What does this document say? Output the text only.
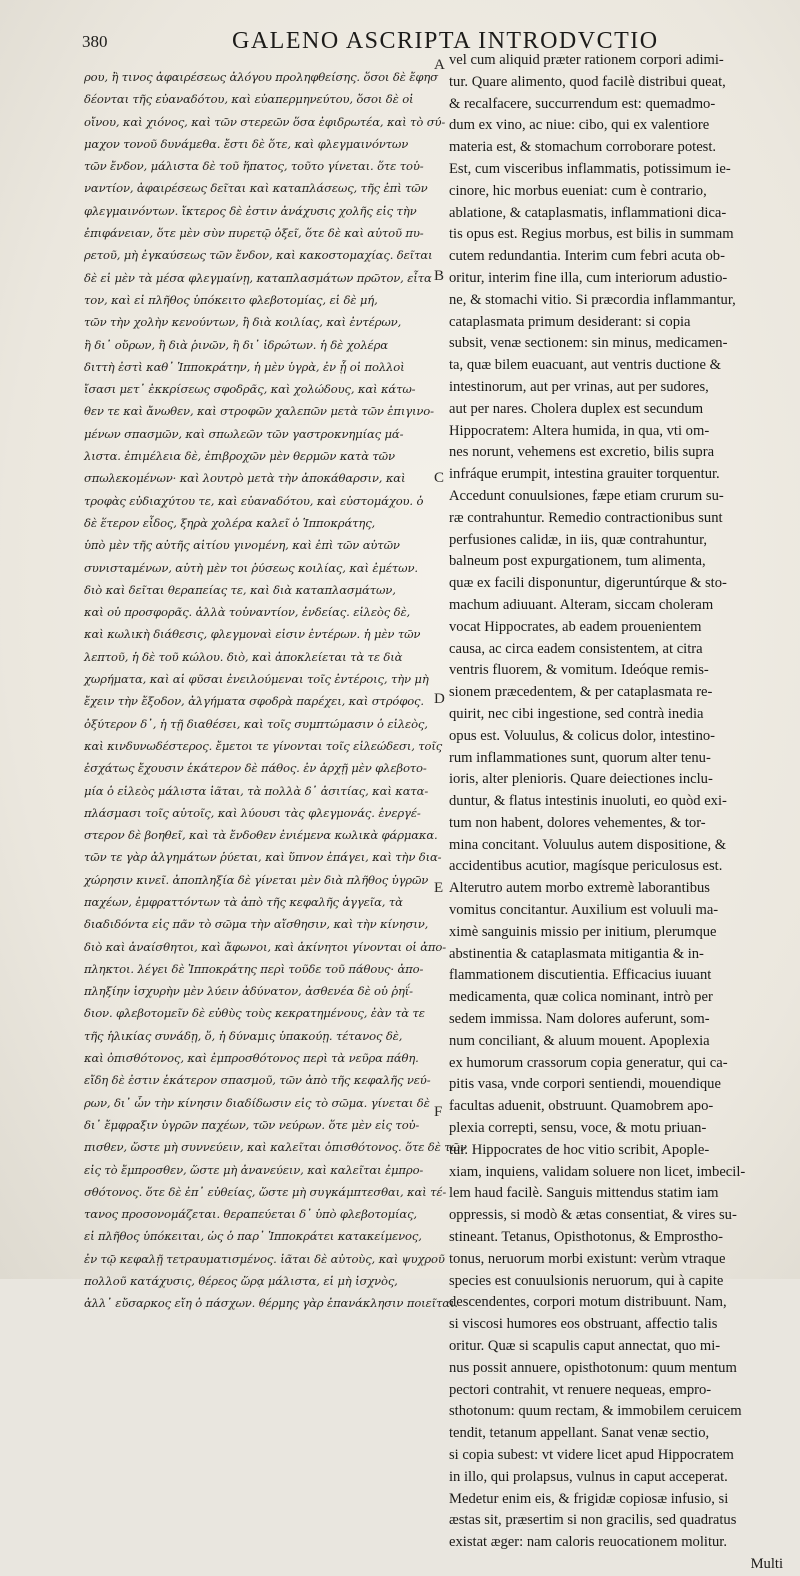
380	GALENO ASCRIPTA INTRODVCTIO
ρου, ἢ τινος ἀφαιρέσεως ἀλόγου προληφθείσης. ὅσοι δὲ ἔφησ
δέονται τῆς εὐαναδότου, καὶ εὐαπερμηνεύτου, ὅσοι δὲ οἱ
οἴνου, καὶ χιόνος, καὶ τῶν στερεῶν ὅσα ἐφιδρωτέα, καὶ τὸ σύ-
μαχον τονοῦ δυνάμεθα. ἔστι δὲ ὅτε, καὶ φλεγμαινόντων
τῶν ἔνδον, μάλιστα δὲ τοῦ ἥπατος, τοῦτο γίνεται. ὅτε τοὐ-
ναντίον, ἀφαιρέσεως δεῖται καὶ καταπλάσεως, τῆς ἐπὶ τῶν
φλεγμαινόντων. ἴκτερος δὲ ἐστιν ἀνάχυσις χολῆς εἰς τὴν
ἐπιφάνειαν, ὅτε μὲν σὺν πυρετῷ ὀξεῖ, ὅτε δὲ καὶ αὐτοῦ πυ-
ρετοῦ, μὴ ἐγκαύσεως τῶν ἔνδον, καὶ κακοστομαχίας. δεῖται
δὲ εἰ μὲν τὰ μέσα φλεγμαίνῃ, καταπλασμάτων πρῶτον, εἶτα
τον, καὶ εἰ πλῆθος ὑπόκειτο φλεβοτομίας, εἰ δὲ μή,
τῶν τὴν χολὴν κενούντων, ἢ διὰ κοιλίας, καὶ ἐντέρων,
ἢ δι᾽ οὔρων, ἢ διὰ ῥινῶν, ἢ δι᾽ ἱδρώτων. ἡ δὲ χολέρα
διττὴ ἐστὶ καθ᾽ Ἱπποκράτην, ἡ μὲν ὑγρὰ, ἐν ᾗ οἱ πολλοὶ
ἴσασι μετ᾽ ἐκκρίσεως σφοδρᾶς, καὶ χολώδους, καὶ κάτω-
θεν τε καὶ ἄνωθεν, καὶ στροφῶν χαλεπῶν μετὰ τῶν ἐπιγινο-
μένων σπασμῶν, καὶ σπωλεῶν τῶν γαστροκνημίας μά-
λιστα. ἐπιμέλεια δὲ, ἐπιβροχῶν μὲν θερμῶν κατὰ τῶν
σπωλεκομένων· καὶ λουτρὸ μετὰ τὴν ἀποκάθαρσιν, καὶ
τροφὰς εὐδιαχύτου τε, καὶ εὐαναδότου, καὶ εὐστομάχου. ὁ
δὲ ἕτερον εἶδος, ξηρὰ χολέρα καλεῖ ὁ Ἱπποκράτης,
ὑπὸ μὲν τῆς αὐτῆς αἰτίου γινομένη, καὶ ἐπὶ τῶν αὐτῶν
συνισταμένων, αὐτὴ μὲν τοι ῥύσεως κοιλίας, καὶ ἐμέτων.
διὸ καὶ δεῖται θεραπείας τε, καὶ διὰ καταπλασμάτων,
καὶ οὐ προσφορᾶς. ἀλλὰ τοὐναντίον, ἐνδείας. εἰλεὸς δὲ,
καὶ κωλικὴ διάθεσις, φλεγμοναὶ εἰσιν ἐντέρων. ἡ μὲν τῶν
λεπτοῦ, ἡ δὲ τοῦ κώλου. διὸ, καὶ ἀποκλείεται τὰ τε διὰ
χωρήματα, καὶ αἱ φῦσαι ἐνειλούμεναι τοῖς ἐντέροις, τὴν μὴ
ἔχειν τὴν ἔξοδον, ἀλγήματα σφοδρὰ παρέχει, καὶ στρόφος.
ὀξύτερον δ᾽, ἡ τῇ διαθέσει, καὶ τοῖς συμπτώμασιν ὁ εἰλεὸς,
καὶ κινδυνωδέστερος. ἔμετοι τε γίνονται τοῖς εἰλεώδεσι, τοῖς
ἐσχάτως ἔχουσιν ἑκάτερον δὲ πάθος. ἐν ἀρχῇ μὲν φλεβοτο-
μία ὁ εἰλεὸς μάλιστα ἰᾶται, τὰ πολλὰ δ᾽ ἀσιτίας, καὶ κατα-
πλάσμασι τοῖς αὐτοῖς, καὶ λύουσι τὰς φλεγμονάς. ἐνεργέ-
στερον δὲ βοηθεῖ, καὶ τὰ ἔνδοθεν ἐνιέμενα κωλικὰ φάρμακα.
τῶν τε γὰρ ἀλγημάτων ῥύεται, καὶ ὕπνον ἐπάγει, καὶ τὴν δια-
χώρησιν κινεῖ. ἀποπληξία δὲ γίνεται μὲν διὰ πλῆθος ὑγρῶν
παχέων, ἐμφραττόντων τὰ ἀπὸ τῆς κεφαλῆς ἀγγεῖα, τὰ
διαδιδόντα εἰς πᾶν τὸ σῶμα τὴν αἴσθησιν, καὶ τὴν κίνησιν,
διὸ καὶ ἀναίσθητοι, καὶ ἄφωνοι, καὶ ἀκίνητοι γίνονται οἱ ἀπο-
πληκτοι. λέγει δὲ Ἱπποκράτης περὶ τοῦδε τοῦ πάθους· ἀπο-
πληξίην ἰσχυρὴν μὲν λύειν ἀδύνατον, ἀσθενέα δὲ οὐ ῥηΐ-
διον. φλεβοτομεῖν δὲ εὐθὺς τοὺς κεκρατημένους, ἐὰν τὰ τε
τῆς ἡλικίας συνάδῃ, ὅ, ἡ δύναμις ὑπακούῃ. τέτανος δὲ,
καὶ ὀπισθότονος, καὶ ἐμπροσθότονος περὶ τὰ νεῦρα πάθη.
εἴδη δὲ ἐστιν ἑκάτερον σπασμοῦ, τῶν ἀπὸ τῆς κεφαλῆς νεύ-
ρων, δι᾽ ὧν τὴν κίνησιν διαδίδωσιν εἰς τὸ σῶμα. γίνεται δὲ
δι᾽ ἔμφραξιν ὑγρῶν παχέων, τῶν νεύρων. ὅτε μὲν εἰς τοὐ-
πισθεν, ὥστε μὴ συννεύειν, καὶ καλεῖται ὀπισθότονος. ὅτε δὲ τῶν
εἰς τὸ ἔμπροσθεν, ὥστε μὴ ἀνανεύειν, καὶ καλεῖται ἐμπρο-
σθότονος. ὅτε δὲ ἐπ᾽ εὐθείας, ὥστε μὴ συγκάμπτεσθαι, καὶ τέ-
τανος προσονομάζεται. θεραπεύεται δ᾽ ὑπὸ φλεβοτομίας,
εἰ πλῆθος ὑπόκειται, ὡς ὁ παρ᾽ Ἱπποκράτει κατακείμενος,
ἐν τῷ κεφαλῇ τετραυματισμένος. ἰᾶται δὲ αὐτοὺς, καὶ ψυχροῦ
πολλοῦ κατάχυσις, θέρεος ὥρᾳ μάλιστα, εἰ μὴ ἰσχνὸς,
ἀλλ᾽ εὔσαρκος εἴη ὁ πάσχων. θέρμης γὰρ ἐπανάκλησιν ποιεῖται.
vel cum aliquid præter rationem corpori adimi-
tur. Quare alimento, quod facilè distribui queat,
& recalfacere, succurrendum est: quemadmo-
dum ex vino, ac niue: cibo, qui ex valentiore
materia est, & stomachum corroborare potest.
Est, cum visceribus inflammatis, potissimum ie-
cinore, hic morbus eueniat: cum è contrario,
ablatione, & cataplasmatis, inflammationi dica-
tis opus est. Regius morbus, est bilis in summam
cutem redundantia. Interim cum febri acuta ob-
oritur, interim fine illa, cum interiorum adustio-
ne, & stomachi vitio. Si præcordia inflammantur,
cataplasmata primum desiderant: si copia
subsit, venæ sectionem: sin minus, medicamen-
ta, quæ bilem euacuant, aut ventris ductione &
intestinorum, aut per vrinas, aut per sudores,
aut per nares. Cholera duplex est secundum
Hippocratem: Altera humida, in qua, vti om-
nes norunt, vehemens est excretio, bilis supra
infráque erumpit, intestina grauiter torquentur.
Accedunt conuulsiones, fæpe etiam crurum su-
ræ contrahuntur. Remedio contractionibus sunt
perfusiones calidæ, in iis, quæ contrahuntur,
balneum post expurgationem, tum alimenta,
quæ ex facili disponuntur, digeruntúrque & sto-
machum adiuuant. Alteram, siccam choleram
vocat Hippocrates, ab eadem prouenientem
causa, ac circa eadem consistentem, at citra
ventris fluorem, & vomitum. Ideóque remis-
sionem præcedentem, & per cataplasmata re-
quirit, nec cibi ingestione, sed contrà inedia
opus est. Voluulus, & colicus dolor, intestino-
rum inflammationes sunt, quorum alter tenu-
ioris, alter plenioris. Quare deiectiones inclu-
duntur, & flatus intestinis inuoluti, eo quòd exi-
tum non habent, dolores vehementes, & tor-
mina concitant. Voluulus autem dispositione, &
accidentibus acutior, magísque periculosus est.
Alterutro autem morbo extremè laborantibus
vomitus concitantur. Auxilium est voluuli ma-
ximè sanguinis missio per initium, plerumque
abstinentia & cataplasmata mitigantia & in-
flammationem discutientia. Efficacius iuuant
medicamenta, quæ colica nominant, intrò per
sedem immissa. Nam dolores auferunt, som-
num conciliant, & aluum mouent. Apoplexia
ex humorum crassorum copia generatur, qui ca-
pitis vasa, vnde corpori sentiendi, mouendique
facultas aduenit, obstruunt. Quamobrem apo-
plexia correpti, sensu, voce, & motu priuan-
tur. Hippocrates de hoc vitio scribit, Apople-
xiam, inquiens, validam soluere non licet, imbecil-
lem haud facilè. Sanguis mittendus statim iam
oppressis, si modò & ætas consentiat, & vires su-
stineant. Tetanus, Opisthotonus, & Emprostho-
tonus, neruorum morbi existunt: verùm vtraque
species est conuulsionis neruorum, qui à capite
descendentes, corpori motum distribuunt. Nam,
si viscosi humores eos obstruant, affectio talis
oritur. Quæ si scapulis caput annectat, quo mi-
nus possit annuere, opisthotonum: quum mentum
pectori contrahit, vt renuere nequeas, empro-
sthotonum: quum rectam, & immobilem ceruicem
tendit, tetanum appellant. Sanat venæ sectio,
si copia subest: vt videre licet apud Hippocratem
in illo, qui prolapsus, vulnus in caput acceperat.
Medetur enim eis, & frigidæ copiosæ infusio, si
æstas sit, præsertim si non gracilis, sed quadratus
existat æger: nam caloris reuocationem molitur.
Multi
A
B
C
D
E
F
